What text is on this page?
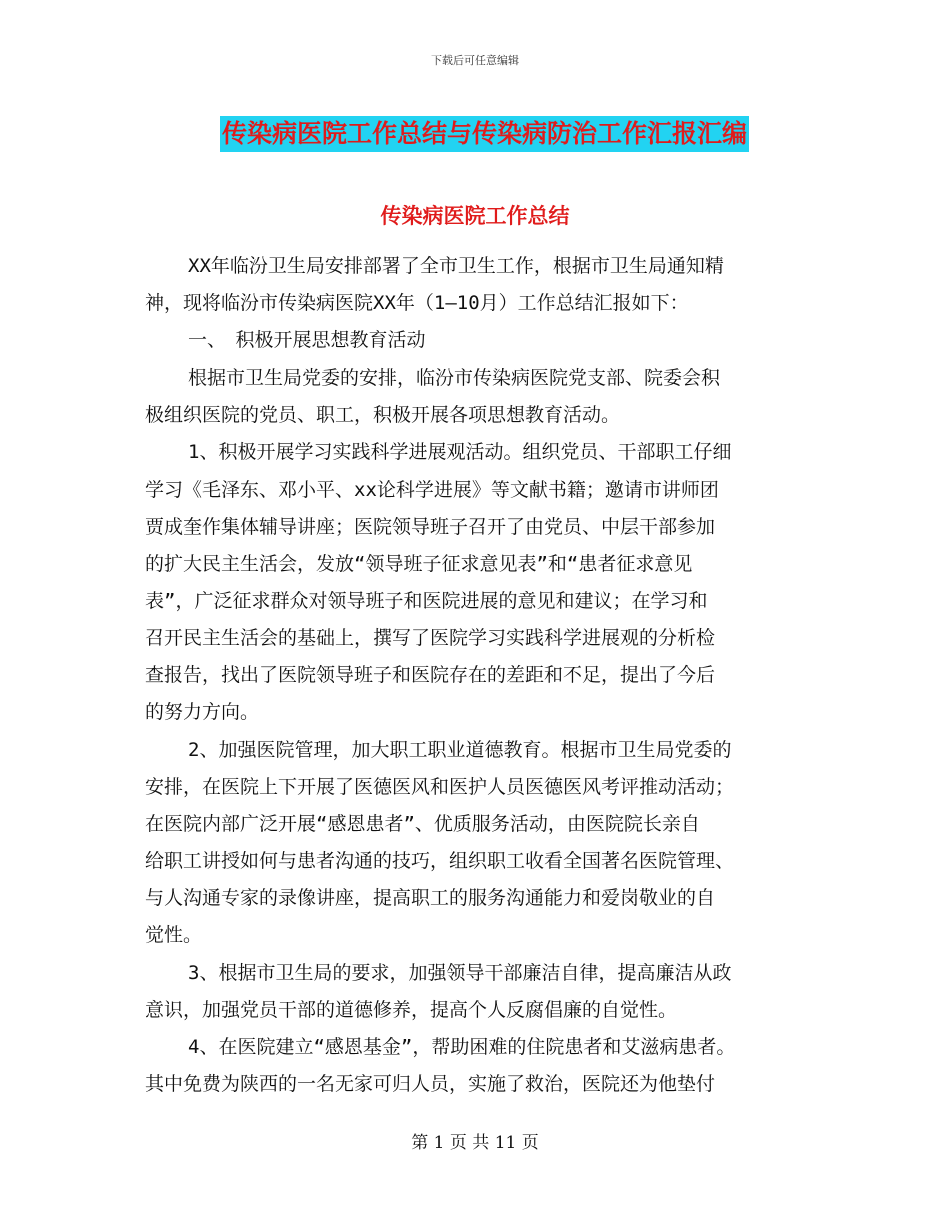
下载后可任意编辑
传染病医院工作总结与传染病防治工作汇报汇编
传染病医院工作总结
XX年临汾卫生局安排部署了全市卫生工作，根据市卫生局通知精
神，现将临汾市传染病医院XX年（1—10月）工作总结汇报如下：
一、　积极开展思想教育活动
根据市卫生局党委的安排，临汾市传染病医院党支部、院委会积
极组织医院的党员、职工，积极开展各项思想教育活动。
1、积极开展学习实践科学进展观活动。组织党员、干部职工仔细
学习《毛泽东、邓小平、xx论科学进展》等文献书籍；邀请市讲师团
贾成奎作集体辅导讲座；医院领导班子召开了由党员、中层干部参加
的扩大民主生活会，发放“领导班子征求意见表”和“患者征求意见
表”，广泛征求群众对领导班子和医院进展的意见和建议；在学习和
召开民主生活会的基础上，撰写了医院学习实践科学进展观的分析检
查报告，找出了医院领导班子和医院存在的差距和不足，提出了今后
的努力方向。
2、加强医院管理，加大职工职业道德教育。根据市卫生局党委的
安排，在医院上下开展了医德医风和医护人员医德医风考评推动活动；
在医院内部广泛开展“感恩患者”、优质服务活动，由医院院长亲自
给职工讲授如何与患者沟通的技巧，组织职工收看全国著名医院管理、
与人沟通专家的录像讲座，提高职工的服务沟通能力和爱岗敬业的自
觉性。
3、根据市卫生局的要求，加强领导干部廉洁自律，提高廉洁从政
意识，加强党员干部的道德修养，提高个人反腐倡廉的自觉性。
4、在医院建立“感恩基金”，帮助困难的住院患者和艾滋病患者。
其中免费为陕西的一名无家可归人员，实施了救治，医院还为他垫付
第 1 页 共 11 页
